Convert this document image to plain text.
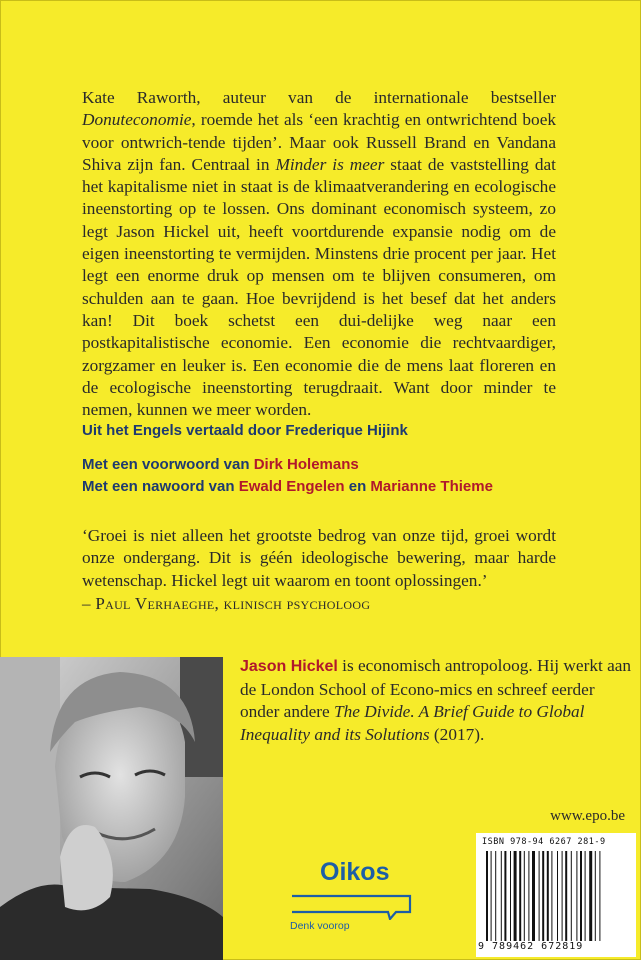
Kate Raworth, auteur van de internationale bestseller Donuteconomie, roemde het als ‘een krachtig en ontwrichtend boek voor ontwrich-tende tijden’. Maar ook Russell Brand en Vandana Shiva zijn fan. Centraal in Minder is meer staat de vaststelling dat het kapitalisme niet in staat is de klimaatverandering en ecologische ineenstorting op te lossen. Ons dominant economisch systeem, zo legt Jason Hickel uit, heeft voortdurende expansie nodig om de eigen ineenstorting te vermijden. Minstens drie procent per jaar. Het legt een enorme druk op mensen om te blijven consumeren, om schulden aan te gaan. Hoe bevrijdend is het besef dat het anders kan! Dit boek schetst een dui-delijke weg naar een postkapitalistische economie. Een economie die rechtvaardiger, zorgzamer en leuker is. Een economie die de mens laat floreren en de ecologische ineenstorting terugdraait. Want door minder te nemen, kunnen we meer worden.
Uit het Engels vertaald door Frederique Hijink
Met een voorwoord van Dirk Holemans
Met een nawoord van Ewald Engelen en Marianne Thieme
‘Groei is niet alleen het grootste bedrog van onze tijd, groei wordt onze ondergang. Dit is géén ideologische bewering, maar harde wetenschap. Hickel legt uit waarom en toont oplossingen.’
– Paul Verhaeghe, klinisch psycholoog
Jason Hickel is economisch antropoloog. Hij werkt aan de London School of Econo-mics en schreef eerder onder andere The Divide. A Brief Guide to Global Inequality and its Solutions (2017).
www.epo.be
Oikos
Denk voorop
ISBN 978-94 6267 281-9
9 789462 672819
